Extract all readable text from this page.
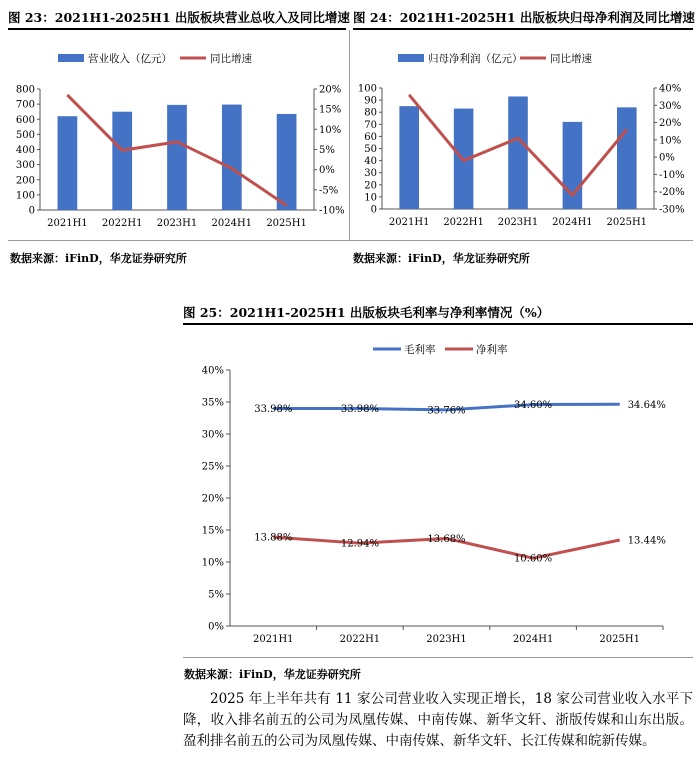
图 23：2021H1-2025H1 出版板块营业总收入及同比增速 图 24：2021H1-2025H1 出版板块归母净利润及同比增速
营业收入（亿元）	同比增速
0
100
200
300
400
500
600
700
800
-10%
-5%
0%
5%
10%
15%
20%
2021H1 2022H1 2023H1 2024H1 2025H1
归母净利润（亿元）	同比增速
0
10
20
30
40
50
60
70
80
90
100
-30%
-20%
-10%
0%
10%
20%
30%
40%
2021H1 2022H1 2023H1 2024H1 2025H1
数据来源：iFinD，华龙证券研究所	数据来源：iFinD，华龙证券研究所
图 25：2021H1-2025H1 出版板块毛利率与净利率情况（%）
毛利率	净利率
0%
5%
10%
15%
20%
25%
30%
35%
40%
2021H1	2022H1	2023H1	2024H1	2025H1
33.98%	33.98%	33.76%	34.60%	34.64%
13.88%
12.94%	13.68%
10.60%
13.44%
数据来源：iFinD，华龙证券研究所

2025 年上半年共有 11 家公司营业收入实现正增长，18 家公司营业收入水平下降，收入排名前五的公司为凤凰传媒、中南传媒、新华文轩、浙版传媒和山东出版。盈利排名前五的公司为凤凰传媒、中南传媒、新华文轩、长江传媒和皖新传媒。
